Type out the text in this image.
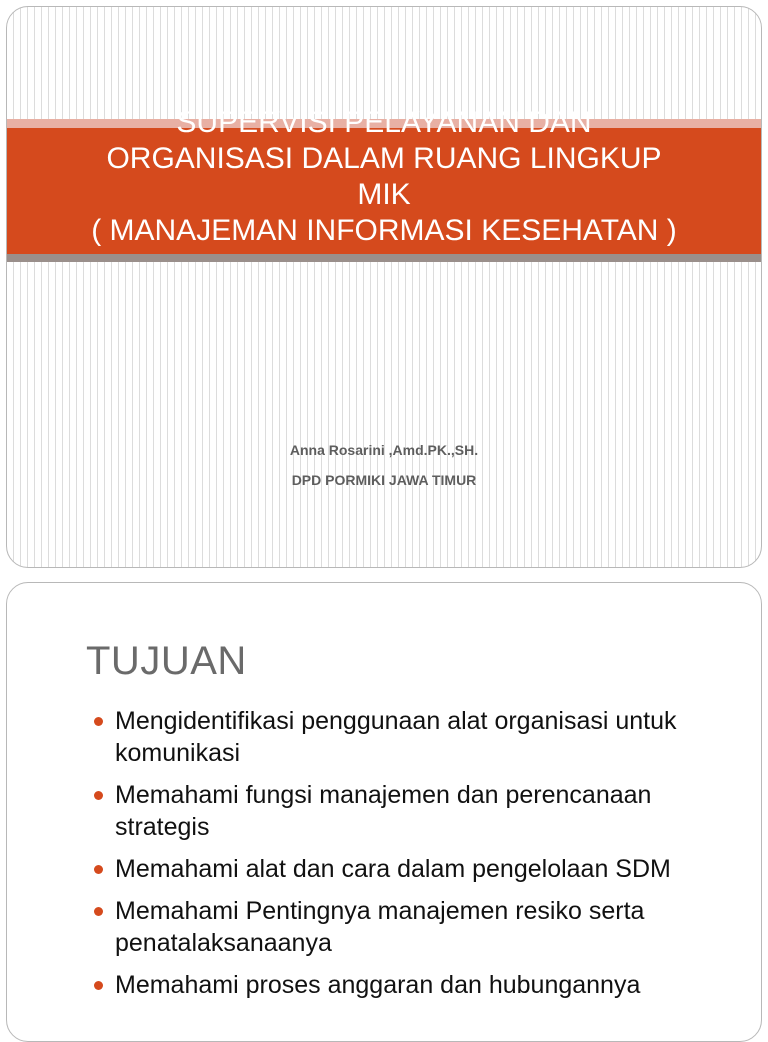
SUPERVISI PELAYANAN DAN
ORGANISASI DALAM RUANG LINGKUP
MIK
( MANAJEMAN INFORMASI KESEHATAN )
Anna Rosarini ,Amd.PK.,SH.
DPD PORMIKI JAWA TIMUR
TUJUAN
Mengidentifikasi penggunaan alat organisasi untuk komunikasi
Memahami fungsi manajemen dan perencanaan strategis
Memahami alat dan cara dalam pengelolaan SDM
Memahami Pentingnya manajemen resiko serta penatalaksanaanya
Memahami proses anggaran dan hubungannya
